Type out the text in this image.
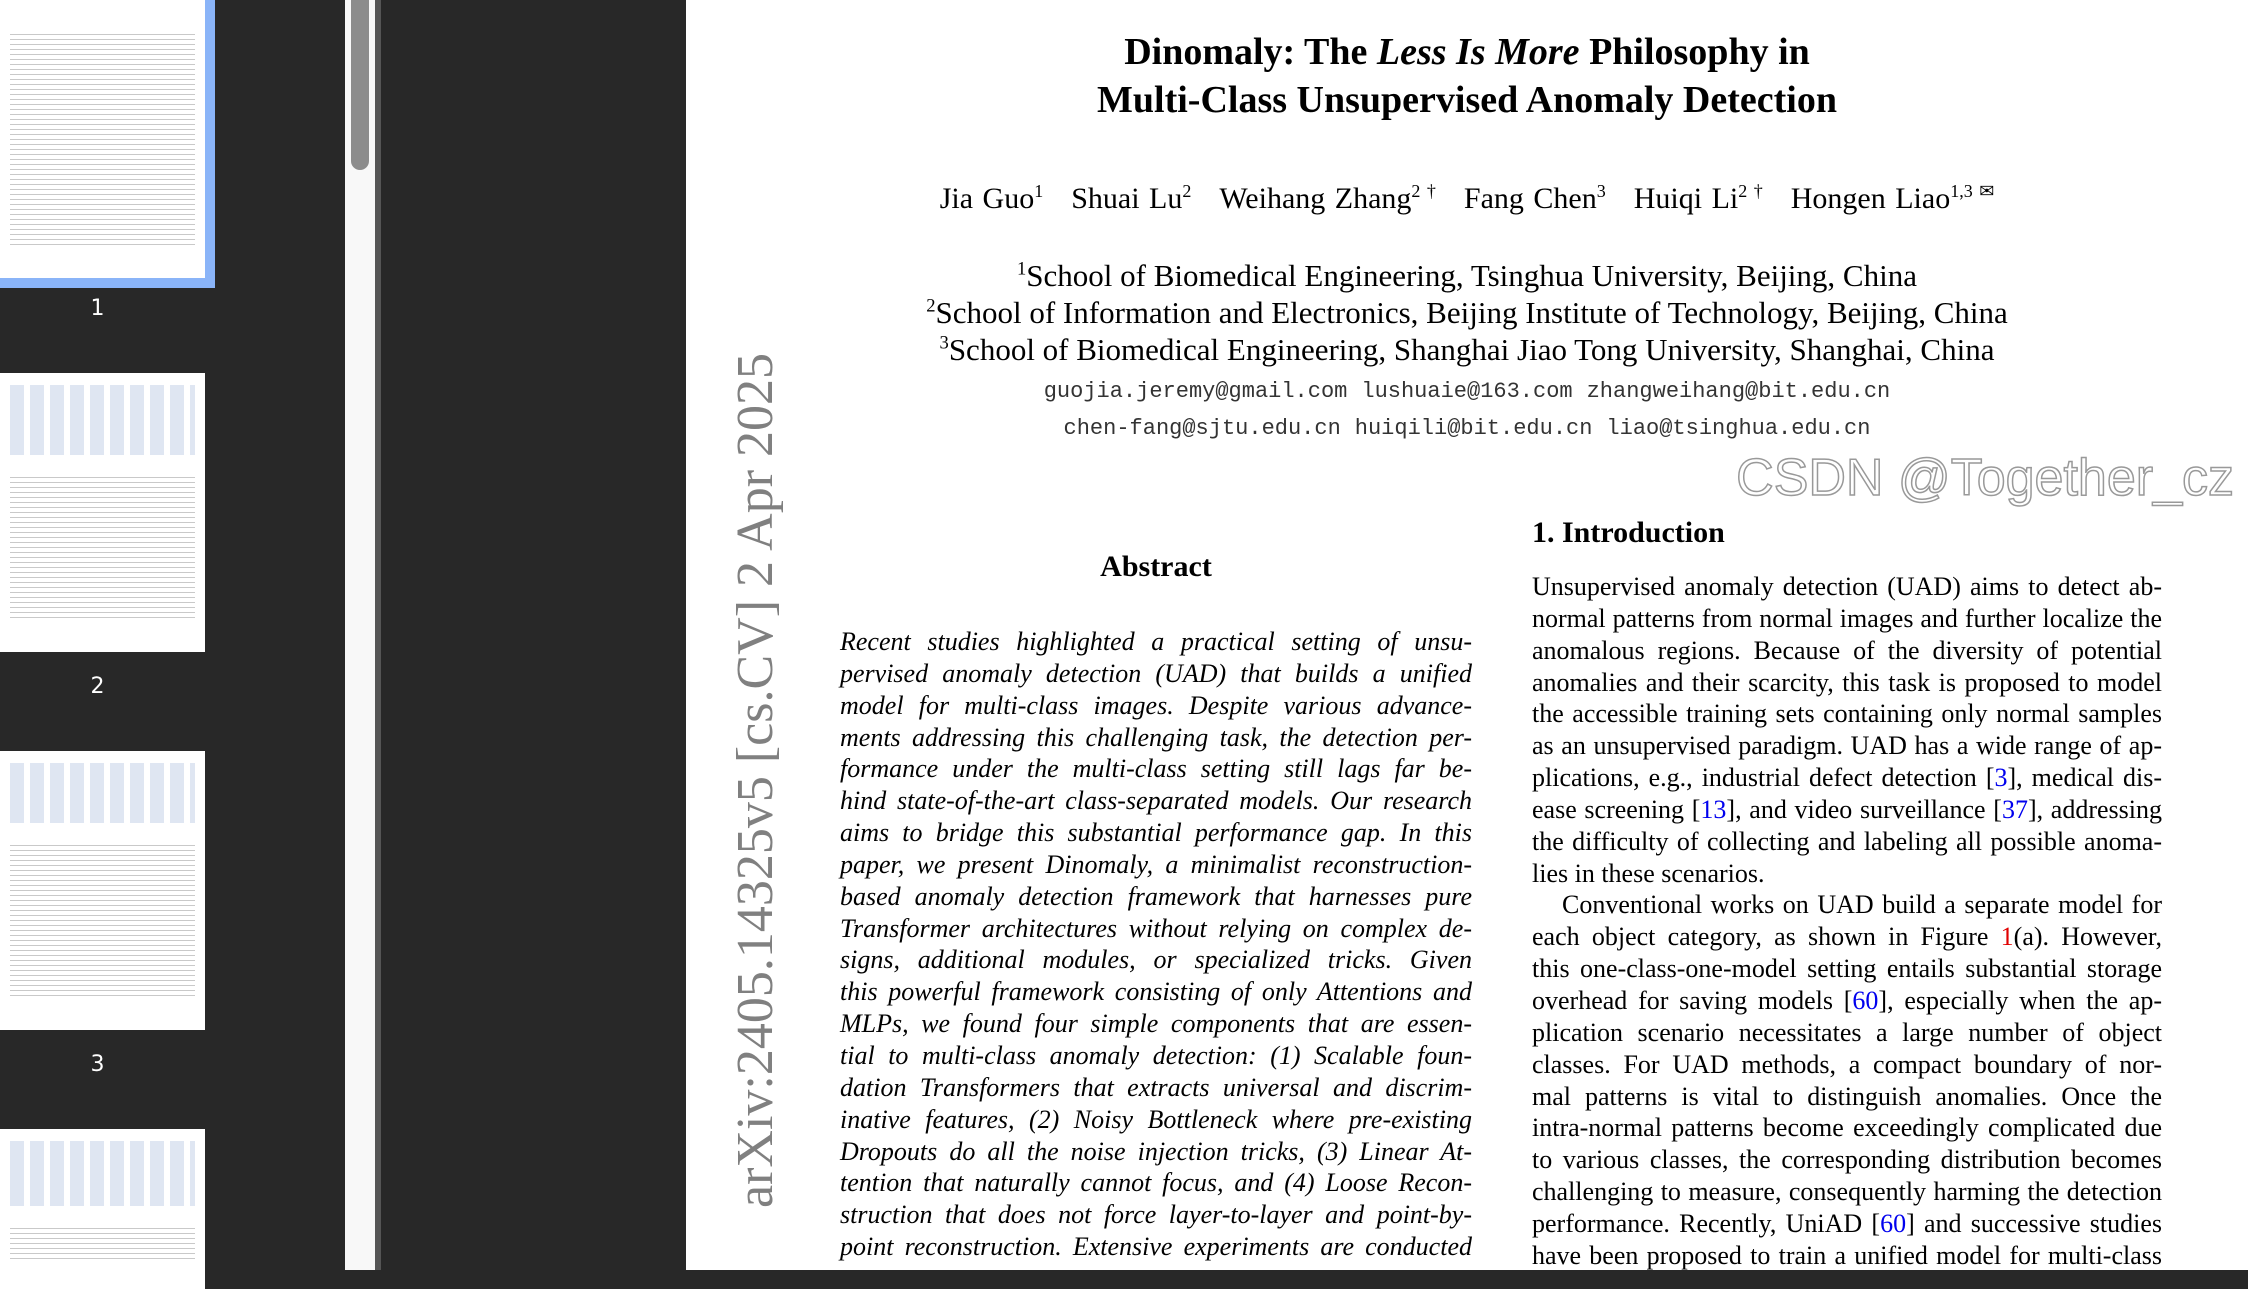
1
2
3
Dinomaly: The Less Is More Philosophy in
Multi-Class Unsupervised Anomaly Detection
Jia Guo$^1$ Shuai Lu$^2$ Weihang Zhang$^{2 \dagger}$ Fang Chen$^3$ Huiqi $Li^{2 \dagger}$ Hongen Liao$^{1,3 ✉}$
$^1$School of Biomedical Engineering, Tsinghua University, Beijing, China
$^2$School of Information and Electronics, Beijing Institute of Technology, Beijing, China
$^3$School of Biomedical Engineering, Shanghai Jiao Tong University, Shanghai, China
guojia.jeremy@gmail.com lushuaie@163.com zhangweihang@bit.edu.cn
chen-fang@sjtu.edu.cn huiqili@bit.edu.cn liao@tsinghua.edu.cn
arXiv:2405.14325v5 [cs.CV] 2 Apr 2025	Abstract
Recent studies highlighted a practical setting of unsu-
pervised anomaly detection (UAD) that builds a unified
model for multi-class images. Despite various advance-
ments addressing this challenging task, the detection per-
formance under the multi-class setting still lags far be-
hind state-of-the-art class-separated models. Our research
aims to bridge this substantial performance gap. In this
paper, we present Dinomaly, a minimalist reconstruction-
based anomaly detection framework that harnesses pure
Transformer architectures without relying on complex de-
signs, additional modules, or specialized tricks. Given
this powerful framework consisting of only Attentions and
MLPs, we found four simple components that are essen-
tial to multi-class anomaly detection: (1) Scalable foun-
dation Transformers that extracts universal and discrim-
inative features, (2) Noisy Bottleneck where pre-existing
Dropouts do all the noise injection tricks, (3) Linear At-
tention that naturally cannot focus, and (4) Loose Recon-
struction that does not force layer-to-layer and point-by-
point reconstruction. Extensive experiments are conducted
1. Introduction
Unsupervised anomaly detection (UAD) aims to detect ab-
normal patterns from normal images and further localize the
anomalous regions. Because of the diversity of potential
anomalies and their scarcity, this task is proposed to model
the accessible training sets containing only normal samples
as an unsupervised paradigm. UAD has a wide range of ap-
plications, e.g., industrial defect detection [3], medical dis-
ease screening [13], and video surveillance [37], addressing
the difficulty of collecting and labeling all possible anoma-
lies in these scenarios.
Conventional works on UAD build a separate model for
each object category, as shown in Figure 1(a). However,
this one-class-one-model setting entails substantial storage
overhead for saving models [60], especially when the ap-
plication scenario necessitates a large number of object
classes. For UAD methods, a compact boundary of nor-
mal patterns is vital to distinguish anomalies. Once the
intra-normal patterns become exceedingly complicated due
to various classes, the corresponding distribution becomes
challenging to measure, consequently harming the detection
performance. Recently, UniAD [60] and successive studies
have been proposed to train a unified model for multi-class
CSDN @Together_cz
